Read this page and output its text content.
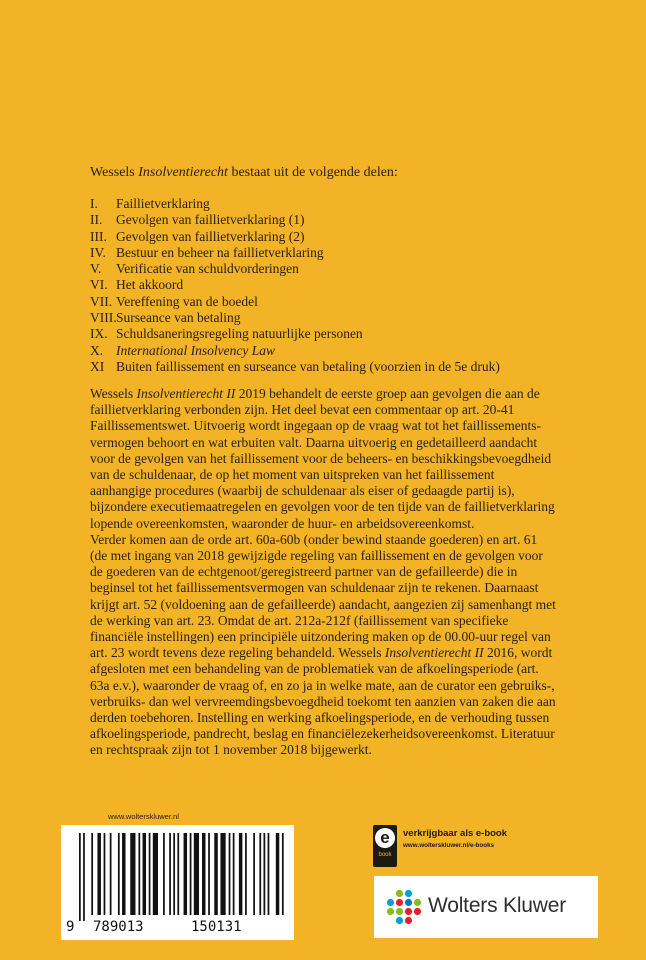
Wessels Insolventierecht bestaat uit de volgende delen:
I.	Faillietverklaring
II.	Gevolgen van faillietverklaring (1)
III. Gevolgen van faillietverklaring (2)
IV. Bestuur en beheer na faillietverklaring
V.	Verificatie van schuldvorderingen
VI. Het akkoord
VII. Vereffening van de boedel
VIII. Surseance van betaling
IX. Schuldsaneringsregeling natuurlijke personen
X. International Insolvency Law
XI Buiten faillissement en surseance van betaling (voorzien in de 5e druk)

Wessels Insolventierecht II 2019 behandelt de eerste groep aan gevolgen die aan de faillietverklaring verbonden zijn. Het deel bevat een commentaar op art. 20-41 Faillissementswet. Uitvoerig wordt ingegaan op de vraag wat tot het faillissements-vermogen behoort en wat erbuiten valt. Daarna uitvoerig en gedetailleerd aandacht voor de gevolgen van het faillissement voor de beheers- en beschikkingsbevoegdheid van de schuldenaar, de op het moment van uitspreken van het faillissement aanhangige procedures (waarbij de schuldenaar als eiser of gedaagde partij is), bijzondere executiemaatregelen en gevolgen voor de ten tijde van de faillietverklaring lopende overeenkomsten, waaronder de huur- en arbeidsovereenkomst.

Verder komen aan de orde art. 60a-60b (onder bewind staande goederen) en art. 61 (de met ingang van 2018 gewijzigde regeling van faillissement en de gevolgen voor de goederen van de echtgenoot/geregistreerd partner van de gefailleerde) die in beginsel tot het faillissementsvermogen van schuldenaar zijn te rekenen. Daarnaast krijgt art. 52 (voldoening aan de gefailleerde) aandacht, aangezien zij samenhangt met de werking van art. 23. Omdat de art. 212a-212f (faillissement van specifieke financiële instellingen) een principiële uitzondering maken op de 00.00-uur regel van art. 23 wordt tevens deze regeling behandeld. Wessels Insolventierecht II 2016, wordt afgesloten met een behandeling van de problematiek van de afkoelingsperiode (art. 63a e.v.), waaronder de vraag of, en zo ja in welke mate, aan de curator een gebruiks-, verbruiks- dan wel vervreemdingsbevoegdheid toekomt ten aanzien van zaken die aan derden toebehoren. Instelling en werking afkoelingsperiode, en de verhouding tussen afkoelingsperiode, pandrecht, beslag en financiëlezekerheidsovereenkomst. Literatuur en rechtspraak zijn tot 1 november 2018 bijgewerkt.

www.wolterskluwer.nl
9 789013	150131
e
book
verkrijgbaar als e-book
www.wolterskluwer.nl/e-books
Wolters Kluwer
